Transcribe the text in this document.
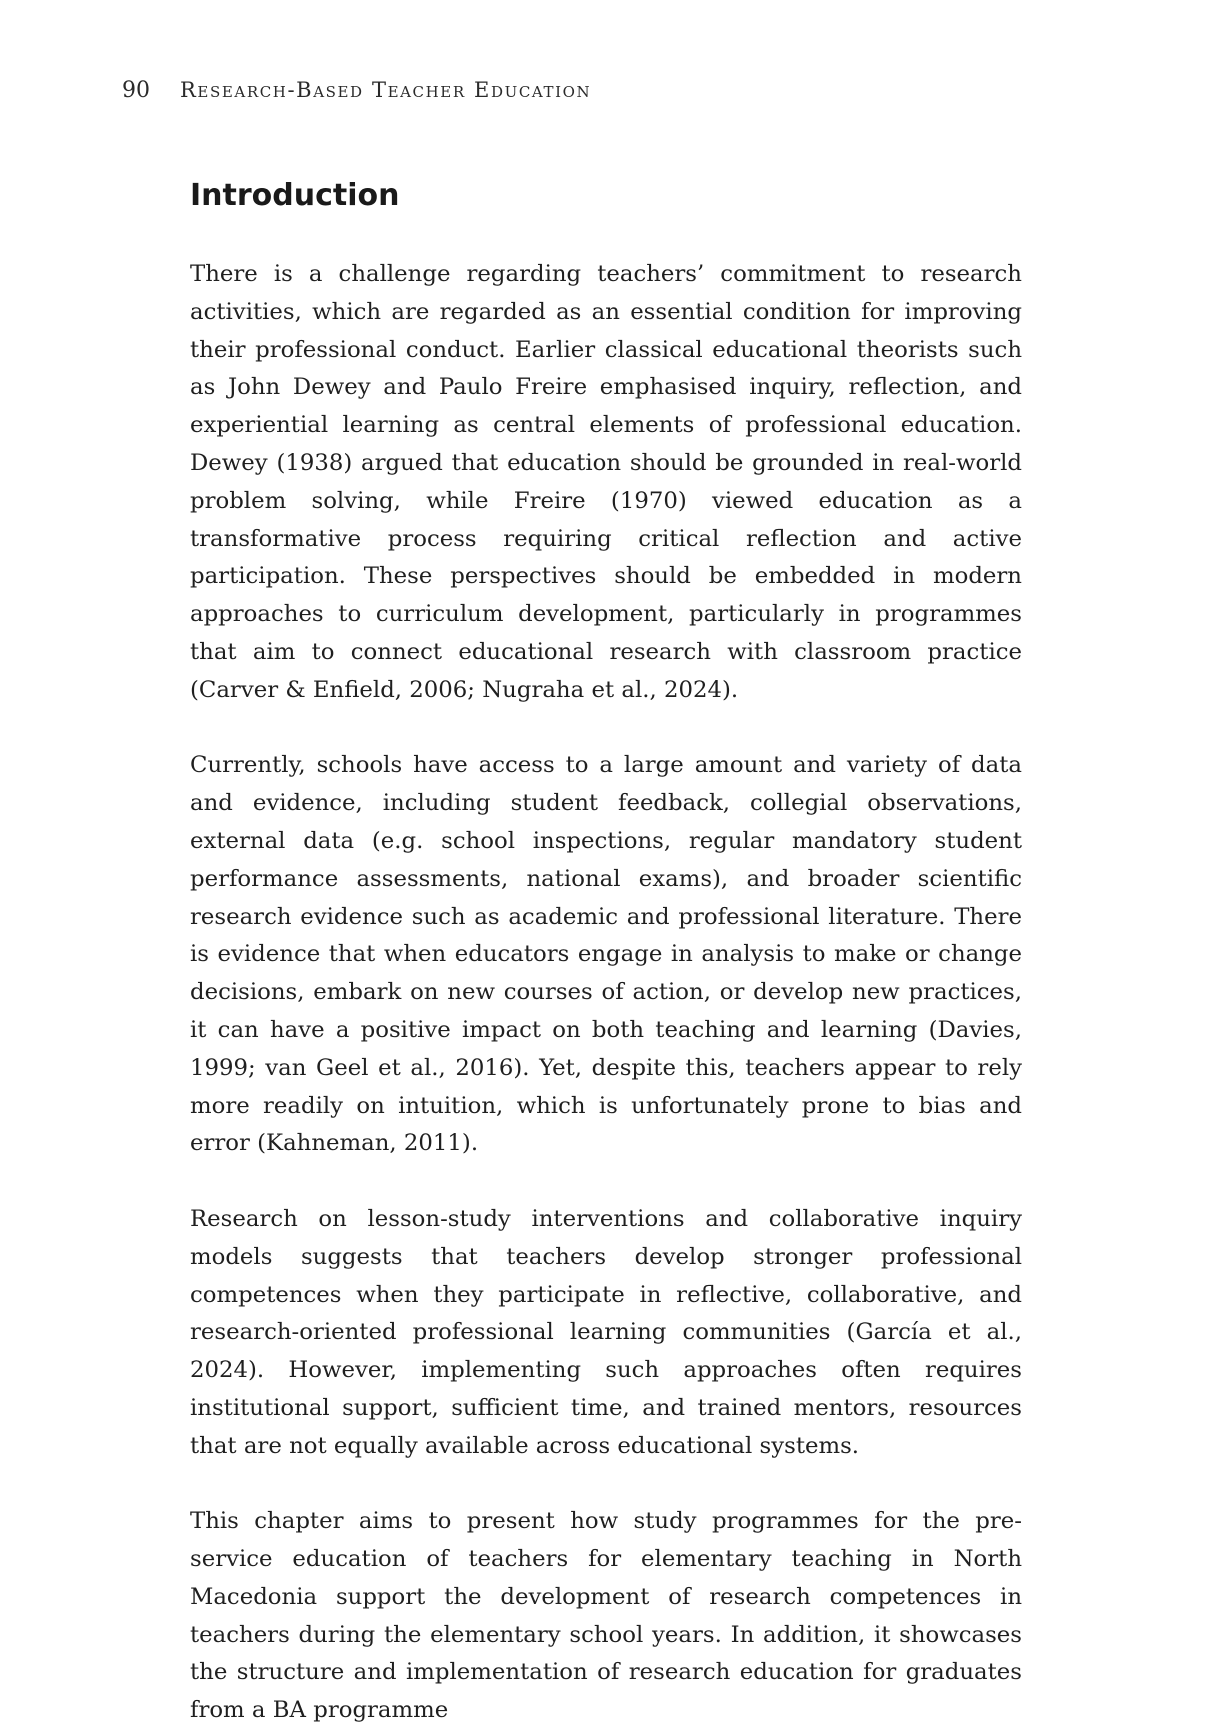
90 Research-Based Teacher Education
Introduction

There is a challenge regarding teachers’ commitment to research activities, which are regarded as an essential condition for improving their professional conduct. Earlier classical educational theorists such as John Dewey and Paulo Freire emphasised inquiry, reflection, and experiential learning as central elements of professional education. Dewey (1938) argued that education should be grounded in real-world problem solving, while Freire (1970) viewed education as a transformative process requiring critical reflection and active participation. These perspectives should be embedded in modern approaches to curriculum development, particularly in programmes that aim to connect educational research with classroom practice (Carver & Enfield, 2006; Nugraha et al., 2024).

Currently, schools have access to a large amount and variety of data and evidence, including student feedback, collegial observations, external data (e.g. school inspections, regular mandatory student performance assessments, national exams), and broader scientific research evidence such as academic and professional literature. There is evidence that when educators engage in analysis to make or change decisions, embark on new courses of action, or develop new practices, it can have a positive impact on both teaching and learning (Davies, 1999; van Geel et al., 2016). Yet, despite this, teachers appear to rely more readily on intuition, which is unfortunately prone to bias and error (Kahneman, 2011).

Research on lesson-study interventions and collaborative inquiry models suggests that teachers develop stronger professional competences when they participate in reflective, collaborative, and research-oriented professional learning communities (García et al., 2024). However, implementing such approaches often requires institutional support, sufficient time, and trained mentors, resources that are not equally available across educational systems.

This chapter aims to present how study programmes for the pre-service education of teachers for elementary teaching in North Macedonia support the development of research competences in teachers during the elementary school years. In addition, it showcases the structure and implementation of research education for graduates from a BA programme
